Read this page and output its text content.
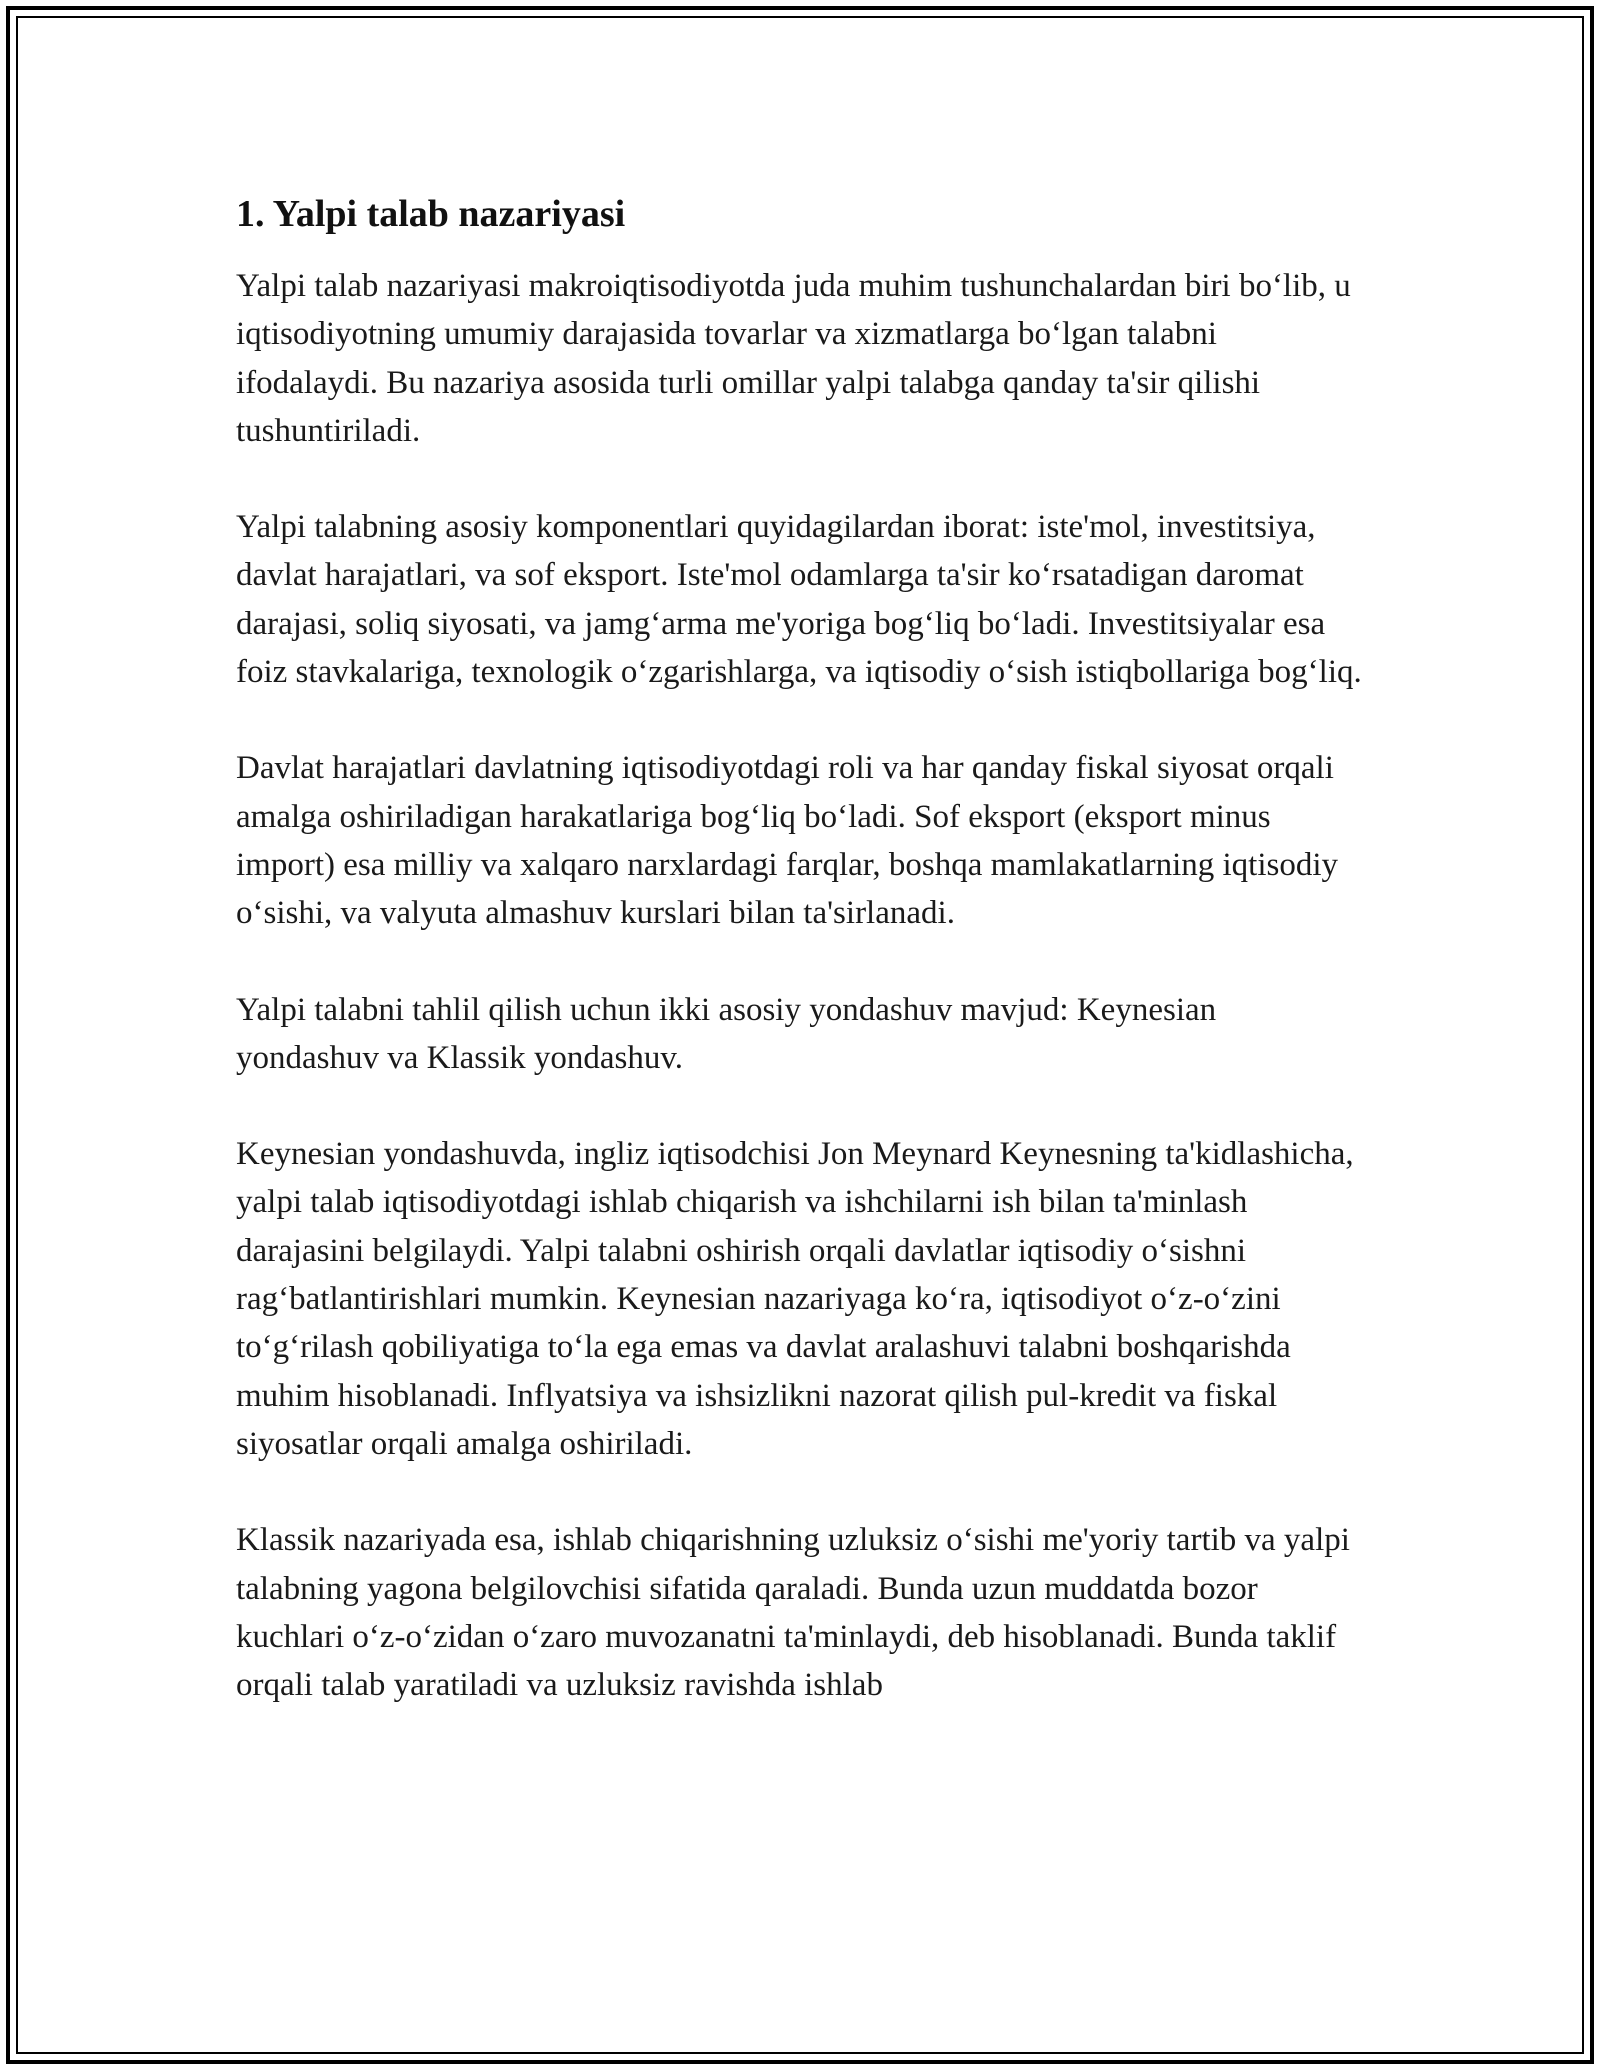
1. Yalpi talab nazariyasi

Yalpi talab nazariyasi makroiqtisodiyotda juda muhim tushunchalardan biri bo‘lib, u iqtisodiyotning umumiy darajasida tovarlar va xizmatlarga bo‘lgan talabni ifodalaydi. Bu nazariya asosida turli omillar yalpi talabga qanday ta'sir qilishi tushuntiriladi.

Yalpi talabning asosiy komponentlari quyidagilardan iborat: iste'mol, investitsiya, davlat harajatlari, va sof eksport. Iste'mol odamlarga ta'sir ko‘rsatadigan daromat darajasi, soliq siyosati, va jamg‘arma me'yoriga bog‘liq bo‘ladi. Investitsiyalar esa foiz stavkalariga, texnologik o‘zgarishlarga, va iqtisodiy o‘sish istiqbollariga bog‘liq.

Davlat harajatlari davlatning iqtisodiyotdagi roli va har qanday fiskal siyosat orqali amalga oshiriladigan harakatlariga bog‘liq bo‘ladi. Sof eksport (eksport minus import) esa milliy va xalqaro narxlardagi farqlar, boshqa mamlakatlarning iqtisodiy o‘sishi, va valyuta almashuv kurslari bilan ta'sirlanadi.

Yalpi talabni tahlil qilish uchun ikki asosiy yondashuv mavjud: Keynesian yondashuv va Klassik yondashuv.

Keynesian yondashuvda, ingliz iqtisodchisi Jon Meynard Keynesning ta'kidlashicha, yalpi talab iqtisodiyotdagi ishlab chiqarish va ishchilarni ish bilan ta'minlash darajasini belgilaydi. Yalpi talabni oshirish orqali davlatlar iqtisodiy o‘sishni rag‘batlantirishlari mumkin. Keynesian nazariyaga ko‘ra, iqtisodiyot o‘z-o‘zini to‘g‘rilash qobiliyatiga to‘la ega emas va davlat aralashuvi talabni boshqarishda muhim hisoblanadi. Inflyatsiya va ishsizlikni nazorat qilish pul-kredit va fiskal siyosatlar orqali amalga oshiriladi.

Klassik nazariyada esa, ishlab chiqarishning uzluksiz o‘sishi me'yoriy tartib va yalpi talabning yagona belgilovchisi sifatida qaraladi. Bunda uzun muddatda bozor kuchlari o‘z-o‘zidan o‘zaro muvozanatni ta'minlaydi, deb hisoblanadi. Bunda taklif orqali talab yaratiladi va uzluksiz ravishda ishlab
